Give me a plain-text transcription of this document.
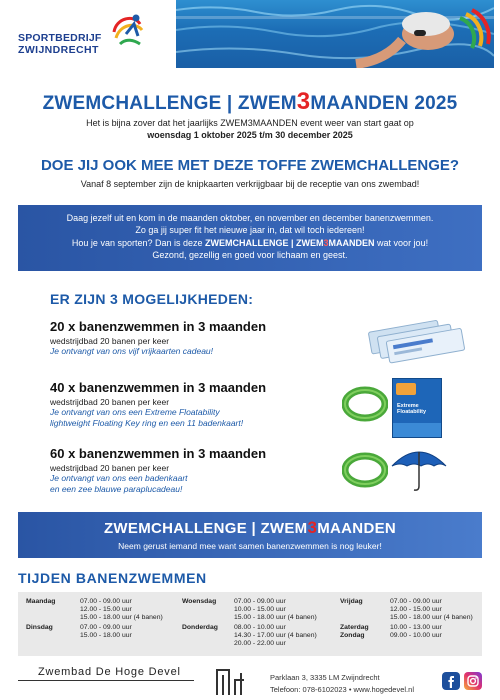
SPORTBEDRIJF
ZWIJNDRECHT
ZWEMCHALLENGE | ZWEM3MAANDEN 2025
Het is bijna zover dat het jaarlijks ZWEM3MAANDEN event weer van start gaat op
woensdag 1 oktober 2025 t/m 30 december 2025
DOE JIJ OOK MEE MET DEZE TOFFE ZWEMCHALLENGE?
Vanaf 8 september zijn de knipkaarten verkrijgbaar bij de receptie van ons zwembad!
Daag jezelf uit en kom in de maanden oktober, en november en december banenzwemmen.
Zo ga jij super fit het nieuwe jaar in, dat wil toch iedereen!
Hou je van sporten? Dan is deze ZWEMCHALLENGE | ZWEM3MAANDEN wat voor jou!
Gezond, gezellig en goed voor lichaam en geest.
ER ZIJN 3 MOGELIJKHEDEN:
20 x banenzwemmen in 3 maanden
wedstrijdbad 20 banen per keer
Je ontvangt van ons vijf vrijkaarten cadeau!
40 x banenzwemmen in 3 maanden
wedstrijdbad 20 banen per keer
Je ontvangt van ons een Extreme Floatability
lightweight Floating Key ring en een 11 badenkaart!
Extreme
Floatability
60 x banenzwemmen in 3 maanden
wedstrijdbad 20 banen per keer
Je ontvangt van ons een badenkaart
en een zee blauwe paraplucadeau!
ZWEMCHALLENGE | ZWEM3MAANDEN
Neem gerust iemand mee want samen banenzwemmen is nog leuker!
TIJDEN BANENZWEMMEN
Maandag	07.00 - 09.00 uur
12.00 - 15.00 uur
15.00 - 18.00 uur (4 banen)
Dinsdag	07.00 - 09.00 uur
15.00 - 18.00 uur
Woensdag	07.00 - 09.00 uur
10.00 - 15.00 uur
15.00 - 18.00 uur (4 banen)
Donderdag 08.00 - 10.00 uur
14.30 - 17.00 uur (4 banen)
20.00 - 22.00 uur
Vrijdag	07.00 - 09.00 uur
12.00 - 15.00 uur
15.00 - 18.00 uur (4 banen)
Zaterdag	10.00 - 13.00 uur
Zondag	09.00 - 10.00 uur
Zwembad De Hoge Devel	Parklaan 3, 3335 LM Zwijndrecht
Telefoon: 078-6102023 • www.hogedevel.nl
